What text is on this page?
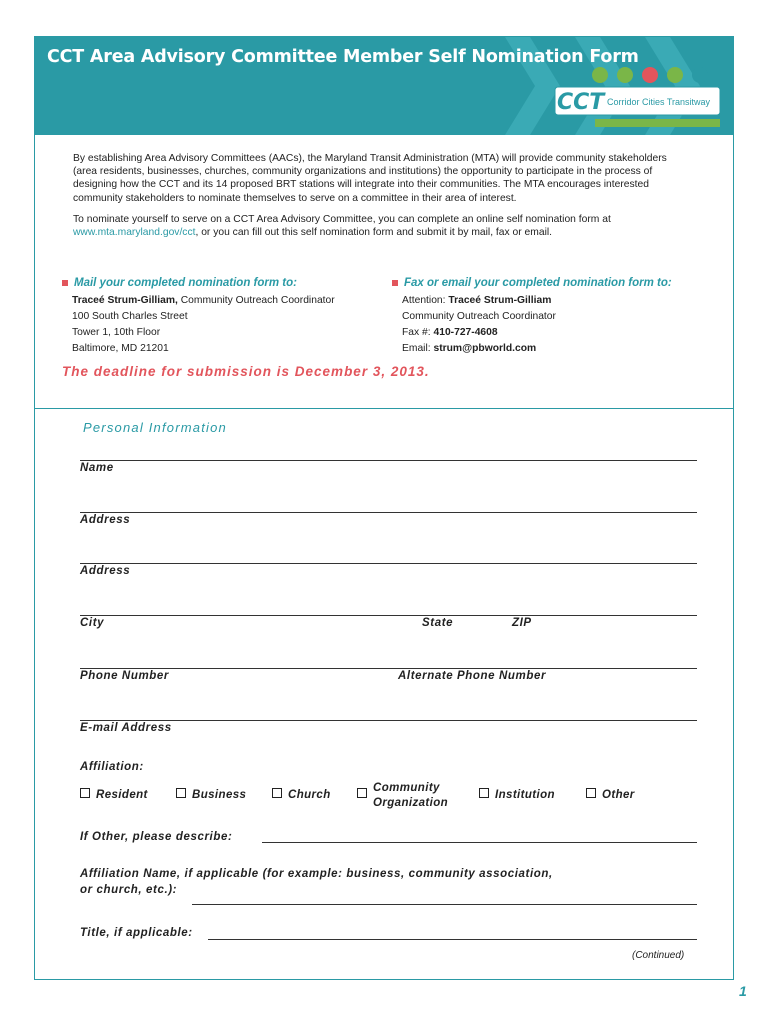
CCT Area Advisory Committee Member Self Nomination Form
CCT Corridor Cities Transitway

By establishing Area Advisory Committees (AACs), the Maryland Transit Administration (MTA) will provide community stakeholders (area residents, businesses, churches, community organizations and institutions) the opportunity to participate in the process of designing how the CCT and its 14 proposed BRT stations will integrate into their communities. The MTA encourages interested community stakeholders to nominate themselves to serve on a committee in their area of interest.

To nominate yourself to serve on a CCT Area Advisory Committee, you can complete an online self nomination form at www.mta.maryland.gov/cct, or you can fill out this self nomination form and submit it by mail, fax or email.

Mail your completed nomination form to:
Traceé Strum-Gilliam, Community Outreach Coordinator
100 South Charles Street
Tower 1, 10th Floor
Baltimore, MD 21201
Fax or email your completed nomination form to:
Attention: Traceé Strum-Gilliam
Community Outreach Coordinator
Fax #: 410-727-4608
Email: strum@pbworld.com
The deadline for submission is December 3, 2013.
Personal Information
Name
Address
Address
City	State	ZIP
Phone Number	Alternate Phone Number
E-mail Address
Affiliation:
Resident	Business	Church
Community
Organization
Institution	Other
If Other, please describe:
Affiliation Name, if applicable (for example: business, community association,
or church, etc.):
Title, if applicable:
(Continued)
1
